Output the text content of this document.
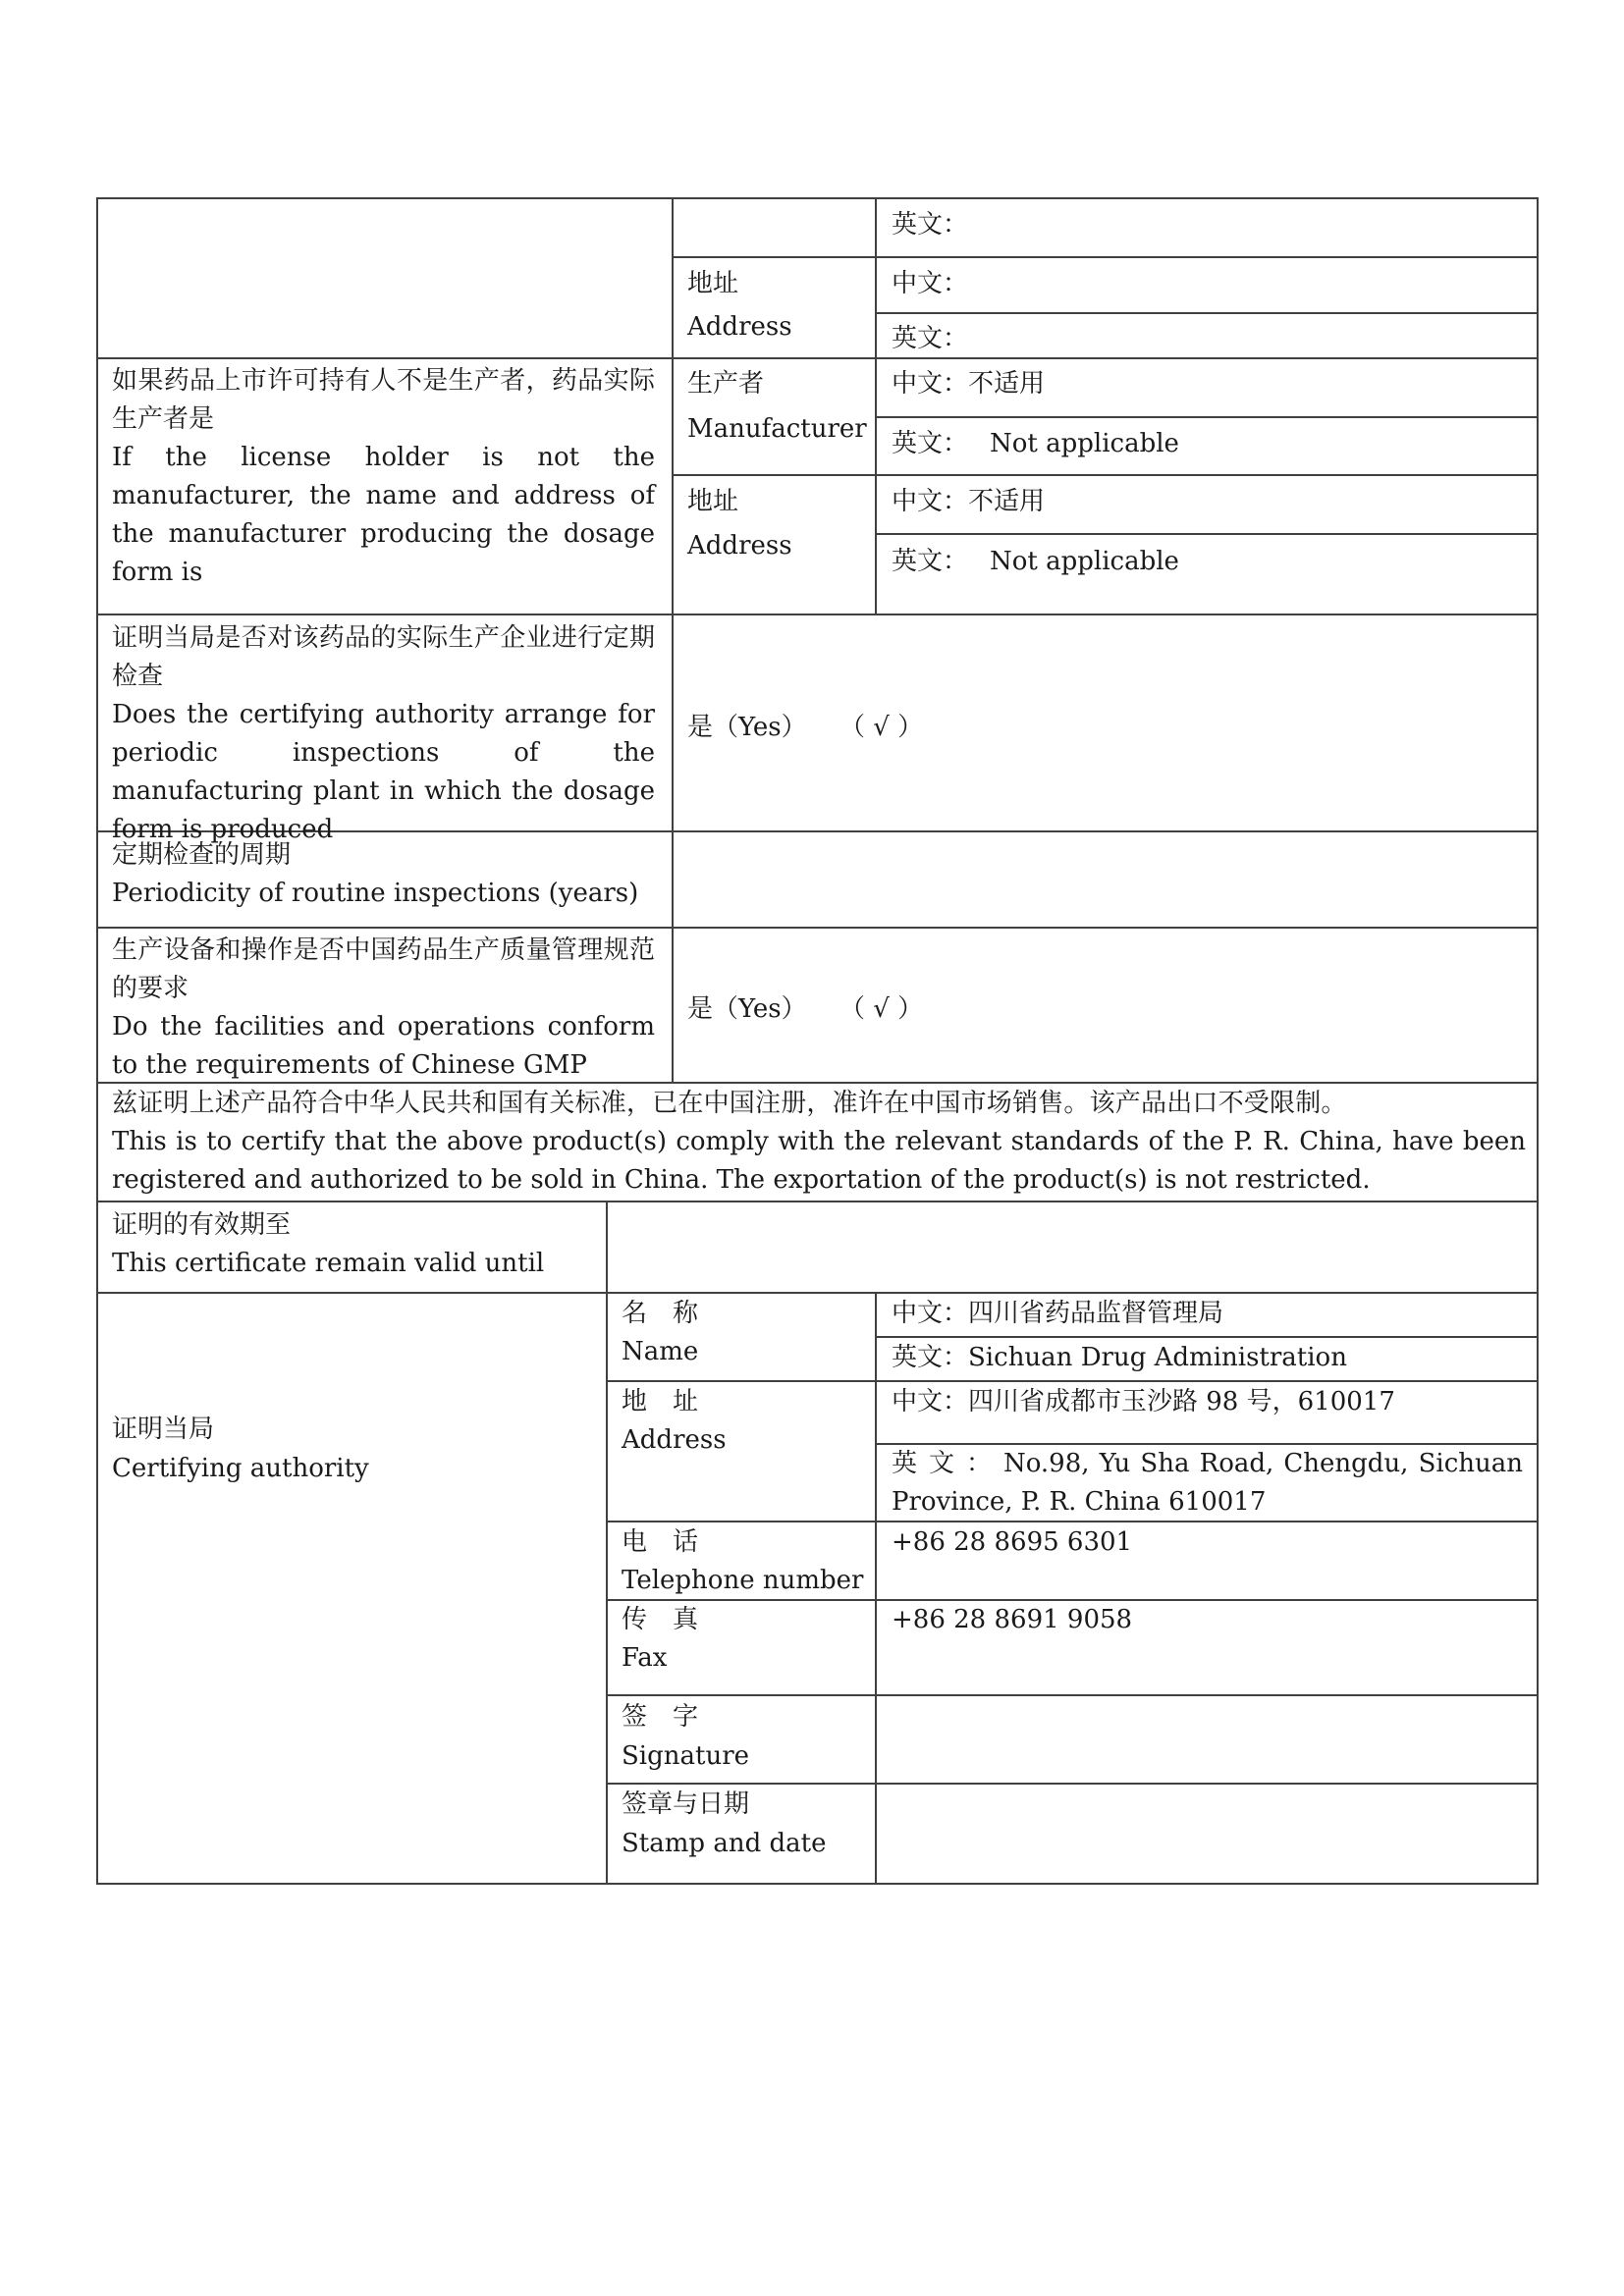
英文：
地址
Address
中文：
英文：
如果药品上市许可持有人不是生产者，药品实际生产者是
If the license holder is not the manufacturer, the name and address of the manufacturer producing the dosage form is
生产者
Manufacturer
中文：不适用
英文： Not applicable
地址
Address
中文：不适用
英文： Not applicable
证明当局是否对该药品的实际生产企业进行定期检查
Does the certifying authority arrange for periodic inspections of the manufacturing plant in which the dosage form is produced
是（Yes） （ √ ）
定期检查的周期
Periodicity of routine inspections (years)
生产设备和操作是否中国药品生产质量管理规范的要求
Do the facilities and operations conform to the requirements of Chinese GMP
是（Yes） （ √ ）
兹证明上述产品符合中华人民共和国有关标准，已在中国注册，准许在中国市场销售。该产品出口不受限制。
This is to certify that the above product(s) comply with the relevant standards of the P. R. China, have been registered and authorized to be sold in China. The exportation of the product(s) is not restricted.
证明的有效期至
This certificate remain valid until
证明当局
Certifying authority
名　称
Name
中文：四川省药品监督管理局
英文：Sichuan Drug Administration
地　址
Address
中文：四川省成都市玉沙路 98 号，610017
英 文 ： No.98, Yu Sha Road, Chengdu, Sichuan Province, P. R. China 610017
电　话
Telephone number
+86 28 8695 6301
传　真
Fax
+86 28 8691 9058
签　字
Signature
签章与日期
Stamp and date
